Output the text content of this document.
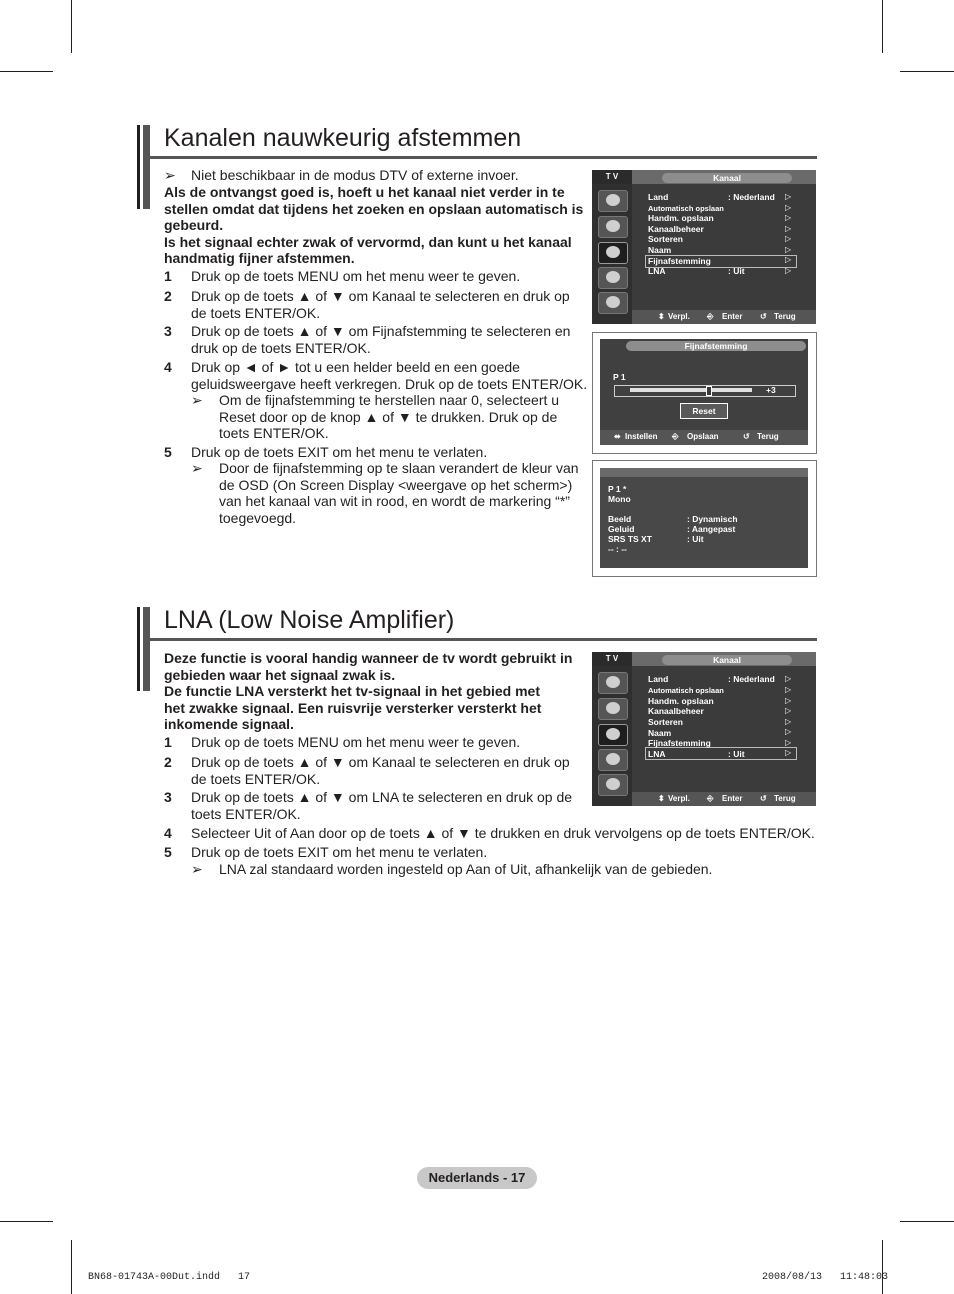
Kanalen nauwkeurig afstemmen
➢ Niet beschikbaar in de modus DTV of externe invoer.
Als de ontvangst goed is, hoeft u het kanaal niet verder in te
stellen omdat dat tijdens het zoeken en opslaan automatisch is
gebeurd.
Is het signaal echter zwak of vervormd, dan kunt u het kanaal
handmatig fijner afstemmen.
1 Druk op de toets MENU om het menu weer te geven.
2 Druk op de toets ▲ of ▼ om Kanaal te selecteren en druk op
de toets ENTER/OK.
3 Druk op de toets ▲ of ▼ om Fijnafstemming te selecteren en
druk op de toets ENTER/OK.
4 Druk op ◄ of ► tot u een helder beeld en een goede
geluidsweergave heeft verkregen. Druk op de toets ENTER/OK.
➢ Om de fijnafstemming te herstellen naar 0, selecteert u
Reset door op de knop ▲ of ▼ te drukken. Druk op de
toets ENTER/OK.
5 Druk op de toets EXIT om het menu te verlaten.
➢ Door de fijnafstemming op te slaan verandert de kleur van
de OSD (On Screen Display <weergave op het scherm>)
van het kanaal van wit in rood, en wordt de markering “*”
toegevoegd.
T V	Kanaal
Land	: Nederland
Automatisch opslaan
Handm. opslaan
Kanaalbeheer
Sorteren
Naam
Fijnafstemming
LNA	: Uit
▷
▷
▷
▷
▷
▷
▷
▷
⬍ Verpl. ⎆ Enter ↺ Terug
Fijnafstemming
P 1
+3
Reset
⬌ Instellen ⎆ Opslaan	↺ Terug
P 1 *
Mono
Beeld	: Dynamisch
Geluid	: Aangepast
SRS TS XT	: Uit
-- : --
LNA (Low Noise Amplifier)
Deze functie is vooral handig wanneer de tv wordt gebruikt in
gebieden waar het signaal zwak is.
De functie LNA versterkt het tv-signaal in het gebied met
het zwakke signaal. Een ruisvrije versterker versterkt het
inkomende signaal.
1 Druk op de toets MENU om het menu weer te geven.
2 Druk op de toets ▲ of ▼ om Kanaal te selecteren en druk op
de toets ENTER/OK.
3 Druk op de toets ▲ of ▼ om LNA te selecteren en druk op de
toets ENTER/OK.
4 Selecteer Uit of Aan door op de toets ▲ of ▼ te drukken en druk vervolgens op de toets ENTER/OK.
5 Druk op de toets EXIT om het menu te verlaten.
➢ LNA zal standaard worden ingesteld op Aan of Uit, afhankelijk van de gebieden.
T V	Kanaal
Land	: Nederland
Automatisch opslaan
Handm. opslaan
Kanaalbeheer
Sorteren
Naam
Fijnafstemming
LNA	: Uit
▷
▷
▷
▷
▷
▷
▷
▷
⬍ Verpl. ⎆ Enter ↺ Terug
Nederlands - 17
BN68-01743A-00Dut.indd   17	2008/08/13   11:48:03
